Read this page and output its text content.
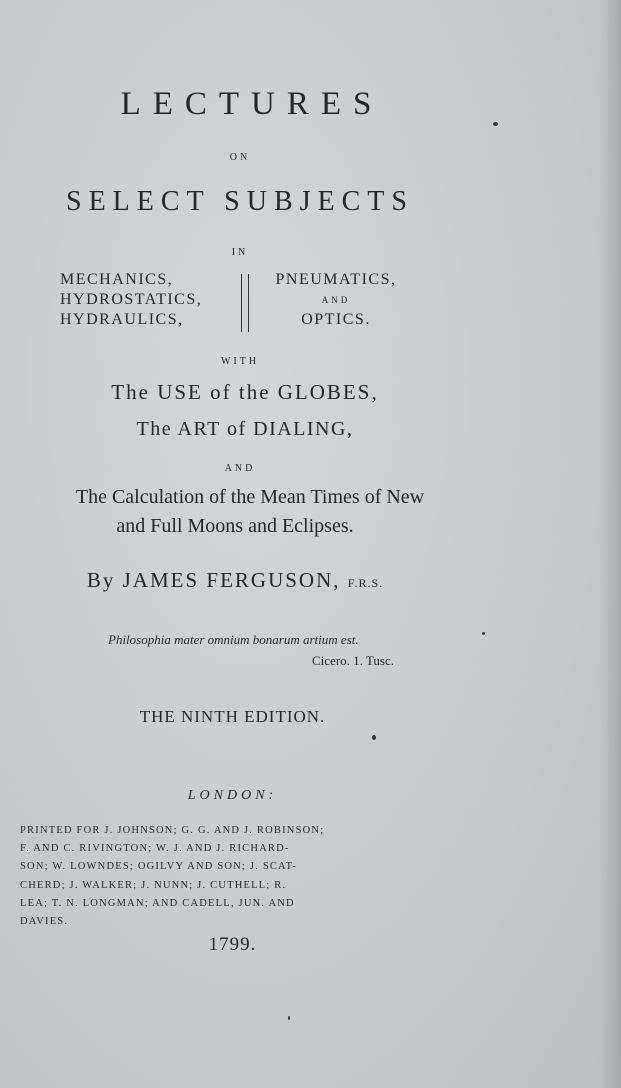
LECTURES
ON
SELECT SUBJECTS
IN
MECHANICS,
HYDROSTATICS,
HYDRAULICS,
PNEUMATICS,
AND
OPTICS.
WITH
The USE of the GLOBES,
The ART of DIALING,
AND
The Calculation of the Mean Times of New
and Full Moons and Eclipses.
By JAMES FERGUSON, F.R.S.
Philosophia mater omnium bonarum artium est.
Cicero. 1. Tusc.
THE NINTH EDITION.
LONDON:
PRINTED FOR J. JOHNSON; G. G. AND J. ROBINSON;
F. AND C. RIVINGTON; W. J. AND J. RICHARD-
SON; W. LOWNDES; OGILVY AND SON; J. SCAT-
CHERD; J. WALKER; J. NUNN; J. CUTHELL; R.
LEA; T. N. LONGMAN; AND CADELL, JUN. AND
DAVIES.
1799.
